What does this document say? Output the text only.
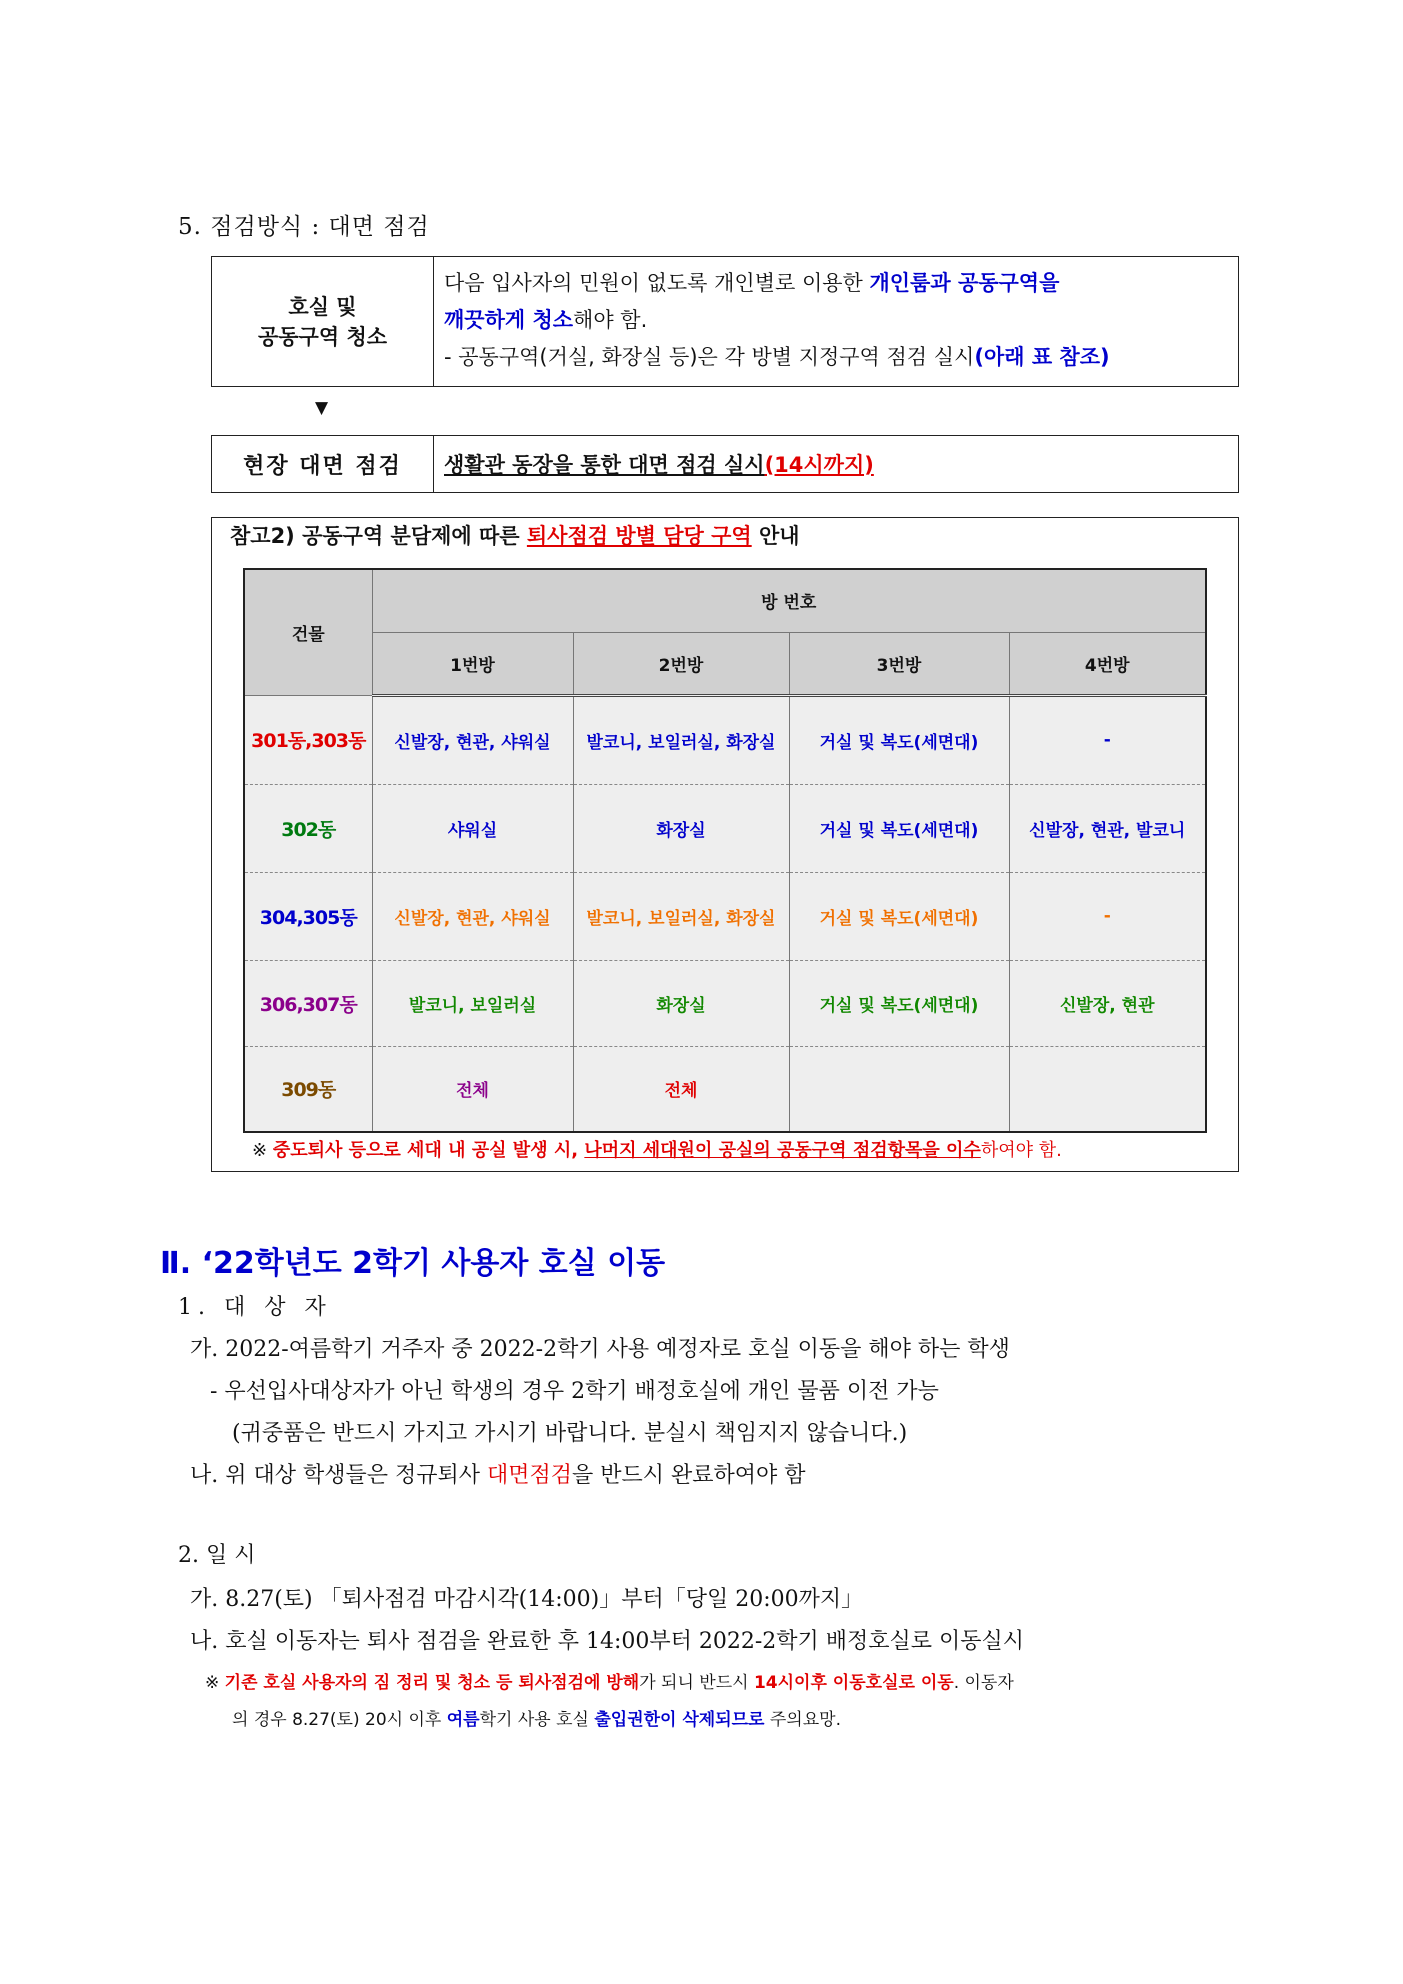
5. 점검방식 : 대면 점검
호실 및
공동구역 청소
다음 입사자의 민원이 없도록 개인별로 이용한 개인룸과 공동구역을
깨끗하게 청소해야 함.
- 공동구역(거실, 화장실 등)은 각 방별 지정구역 점검 실시(아래 표 참조)
▼
현장 대면 점검	생활관 동장을 통한 대면 점검 실시 (14시까지)
참고2) 공동구역 분담제에 따른 퇴사점검 방별 담당 구역 안내
건물	방 번호			
	1번방	2번방	3번방	4번방
301동,303동	신발장, 현관, 샤워실	발코니, 보일러실, 화장실	거실 및 복도(세면대)	-
302동	샤워실	화장실	거실 및 복도(세면대)	신발장, 현관, 발코니
304,305동	신발장, 현관, 샤워실	발코니, 보일러실, 화장실	거실 및 복도(세면대)	-
306,307동	발코니, 보일러실	화장실	거실 및 복도(세면대)	신발장, 현관
309동	전체	전체		
※ 중도퇴사 등으로 세대 내 공실 발생 시, 나머지 세대원이 공실의 공동구역 점검항목을 이수하여야 함.
Ⅱ. ‘22학년도 2학기 사용자 호실 이동
1. 대 상 자
가. 2022-여름학기 거주자 중 2022-2학기 사용 예정자로 호실 이동을 해야 하는 학생
- 우선입사대상자가 아닌 학생의 경우 2학기 배정호실에 개인 물품 이전 가능
(귀중품은 반드시 가지고 가시기 바랍니다. 분실시 책임지지 않습니다.)
나. 위 대상 학생들은 정규퇴사 대면점검을 반드시 완료하여야 함
2. 일 시
가. 8.27(토) 「퇴사점검 마감시각(14:00)」부터「당일 20:00까지」
나. 호실 이동자는 퇴사 점검을 완료한 후 14:00부터 2022-2학기 배정호실로 이동실시
※ 기존 호실 사용자의 짐 정리 및 청소 등 퇴사점검에 방해가 되니 반드시 14시이후 이동호실로 이동. 이동자
의 경우 8.27(토) 20시 이후 여름학기 사용 호실 출입권한이 삭제되므로 주의요망.
